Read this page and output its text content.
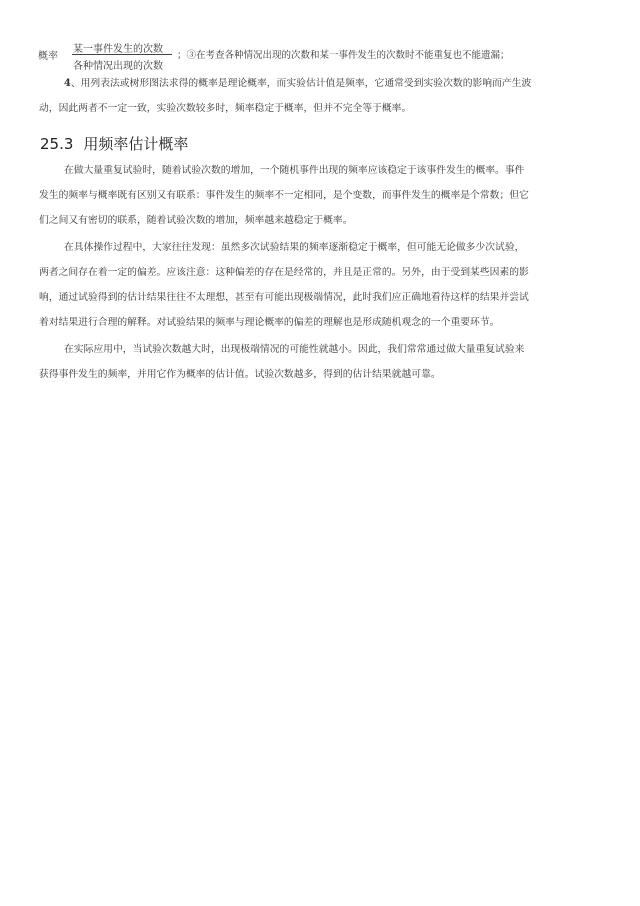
概率
某一事件发生的次数
各种情况出现的次数
；③在考查各种情况出现的次数和某一事件发生的次数时不能重复也不能遗漏；
4、用列表法或树形图法求得的概率是理论概率，而实验估计值是频率，它通常受到实验次数的影响而产生波
动，因此两者不一定一致，实验次数较多时，频率稳定于概率，但并不完全等于概率。
25.3 用频率估计概率
在做大量重复试验时，随着试验次数的增加，一个随机事件出现的频率应该稳定于该事件发生的概率。事件
发生的频率与概率既有区别又有联系：事件发生的频率不一定相同，是个变数，而事件发生的概率是个常数；但它
们之间又有密切的联系，随着试验次数的增加，频率越来越稳定于概率。
在具体操作过程中，大家往往发现：虽然多次试验结果的频率逐渐稳定于概率，但可能无论做多少次试验，
两者之间存在着一定的偏差。应该注意：这种偏差的存在是经常的，并且是正常的。另外，由于受到某些因素的影
响，通过试验得到的估计结果往往不太理想，甚至有可能出现极端情况，此时我们应正确地看待这样的结果并尝试
着对结果进行合理的解释。对试验结果的频率与理论概率的偏差的理解也是形成随机观念的一个重要环节。
在实际应用中，当试验次数越大时，出现极端情况的可能性就越小。因此，我们常常通过做大量重复试验来
获得事件发生的频率，并用它作为概率的估计值。试验次数越多，得到的估计结果就越可靠。
